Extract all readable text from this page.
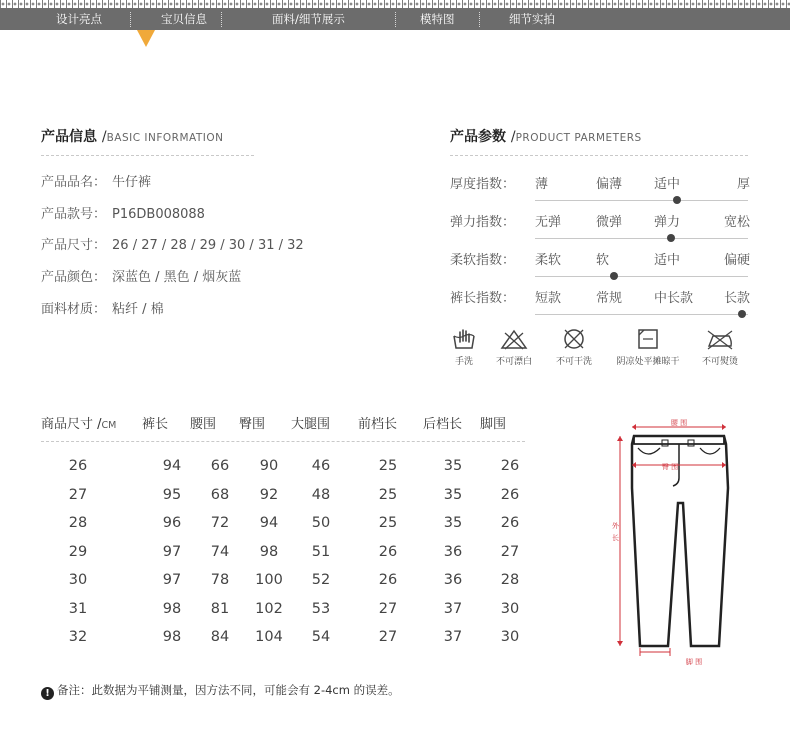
设计亮点	宝贝信息	面料/细节展示	模特图	细节实拍
产品信息 /BASIC INFORMATION
产品品名： 牛仔裤
产品款号： P16DB008088
产品尺寸： 26 / 27 / 28 / 29 / 30 / 31 / 32
产品颜色： 深蓝色 / 黑色 / 烟灰蓝
面料材质： 粘纤 / 棉
产品参数 /PRODUCT PARMETERS
厚度指数： 薄	偏薄 适中	厚
弹力指数： 无弹	微弹 弹力	宽松
柔软指数： 柔软	软	适中	偏硬
裤长指数： 短款	常规 中长款 长款
手洗	不可漂白	不可干洗	阴凉处平摊晾干	不可熨烫
商品尺寸 /CM 裤长 腰围 臀围 大腿围 前档长 后档长 脚围
26	94	66	90	46	25	35	26
27	95	68	92	48	25	35	26
28	96	72	94	50	25	35	26
29	97	74	98	51	26	36	27
30	97	78	100	52	26	36	28
31	98	81	102	53	27	37	30
32	98	84	104	54	27	37	30
腰 围
臀 围
外
长
脚 围
! 备注：此数据为平铺测量，因方法不同，可能会有 2-4cm 的误差。
